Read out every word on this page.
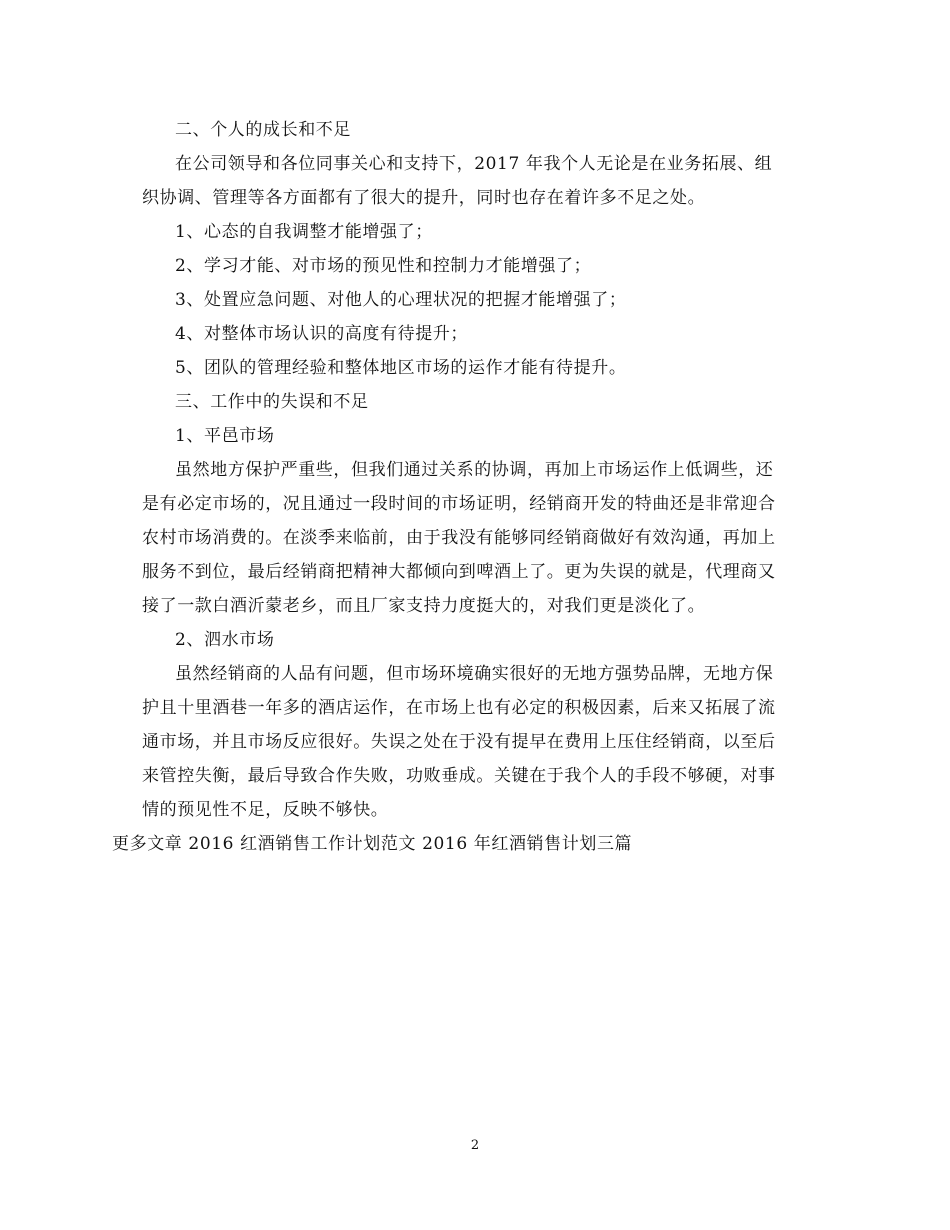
二、个人的成长和不足
在公司领导和各位同事关心和支持下，2017 年我个人无论是在业务拓展、组
织协调、管理等各方面都有了很大的提升，同时也存在着许多不足之处。
1、心态的自我调整才能增强了；
2、学习才能、对市场的预见性和控制力才能增强了；
3、处置应急问题、对他人的心理状况的把握才能增强了；
4、对整体市场认识的高度有待提升；
5、团队的管理经验和整体地区市场的运作才能有待提升。
三、工作中的失误和不足
1、平邑市场
虽然地方保护严重些，但我们通过关系的协调，再加上市场运作上低调些，还
是有必定市场的，况且通过一段时间的市场证明，经销商开发的特曲还是非常迎合
农村市场消费的。在淡季来临前，由于我没有能够同经销商做好有效沟通，再加上
服务不到位，最后经销商把精神大都倾向到啤酒上了。更为失误的就是，代理商又
接了一款白酒沂蒙老乡，而且厂家支持力度挺大的，对我们更是淡化了。
2、泗水市场
虽然经销商的人品有问题，但市场环境确实很好的无地方强势品牌，无地方保
护且十里酒巷一年多的酒店运作，在市场上也有必定的积极因素，后来又拓展了流
通市场，并且市场反应很好。失误之处在于没有提早在费用上压住经销商，以至后
来管控失衡，最后导致合作失败，功败垂成。关键在于我个人的手段不够硬，对事
情的预见性不足，反映不够快。
更多文章 2016 红酒销售工作计划范文 2016 年红酒销售计划三篇
2
